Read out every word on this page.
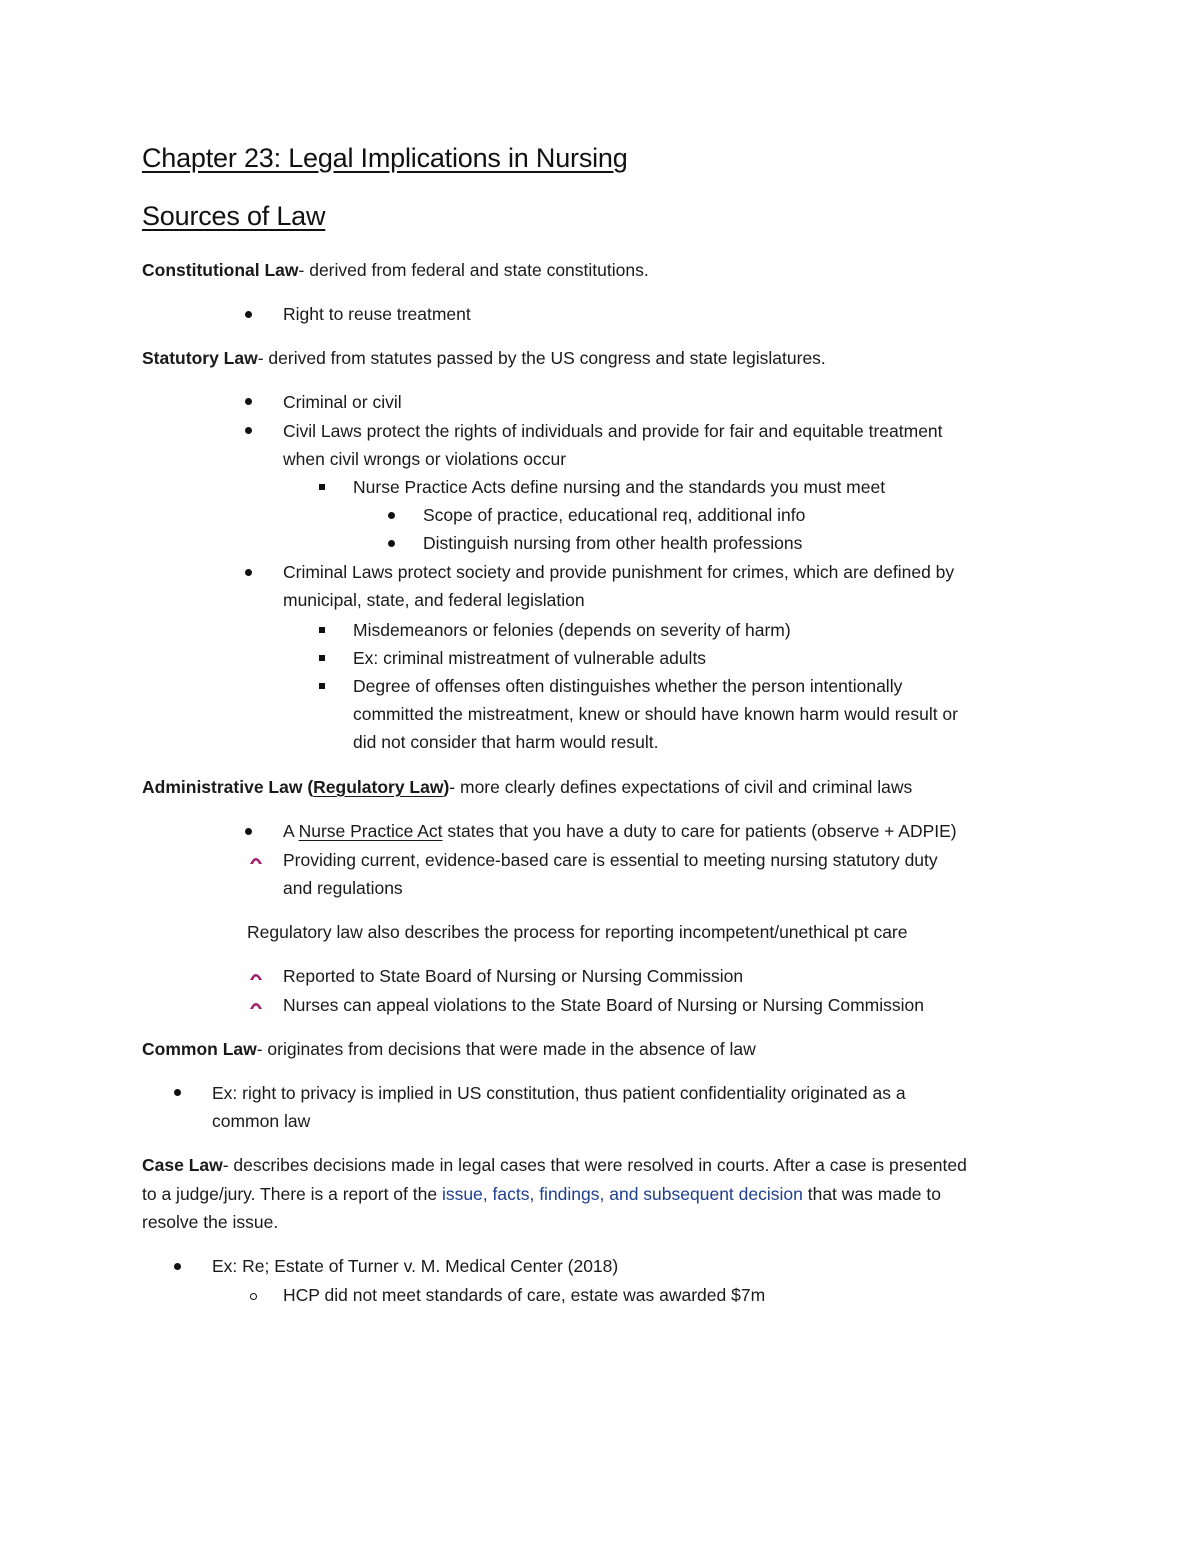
Chapter 23: Legal Implications in Nursing
Sources of Law

Constitutional Law- derived from federal and state constitutions.

Right to reuse treatment

Statutory Law- derived from statutes passed by the US congress and state legislatures.

Criminal or civil

Civil Laws protect the rights of individuals and provide for fair and equitable treatment

when civil wrongs or violations occur

Nurse Practice Acts define nursing and the standards you must meet

Scope of practice, educational req, additional info

Distinguish nursing from other health professions

Criminal Laws protect society and provide punishment for crimes, which are defined by

municipal, state, and federal legislation

Misdemeanors or felonies (depends on severity of harm)

Ex: criminal mistreatment of vulnerable adults

Degree of offenses often distinguishes whether the person intentionally

committed the mistreatment, knew or should have known harm would result or

did not consider that harm would result.

Administrative Law (Regulatory Law)- more clearly defines expectations of civil and criminal laws

A Nurse Practice Act states that you have a duty to care for patients (observe + ADPIE)

Providing current, evidence-based care is essential to meeting nursing statutory duty

and regulations

Regulatory law also describes the process for reporting incompetent/unethical pt care

Reported to State Board of Nursing or Nursing Commission

Nurses can appeal violations to the State Board of Nursing or Nursing Commission

Common Law- originates from decisions that were made in the absence of law

Ex: right to privacy is implied in US constitution, thus patient confidentiality originated as a

common law

Case Law- describes decisions made in legal cases that were resolved in courts. After a case is presented

to a judge/jury. There is a report of the issue, facts, findings, and subsequent decision that was made to

resolve the issue.

Ex: Re; Estate of Turner v. M. Medical Center (2018)

HCP did not meet standards of care, estate was awarded $7m
